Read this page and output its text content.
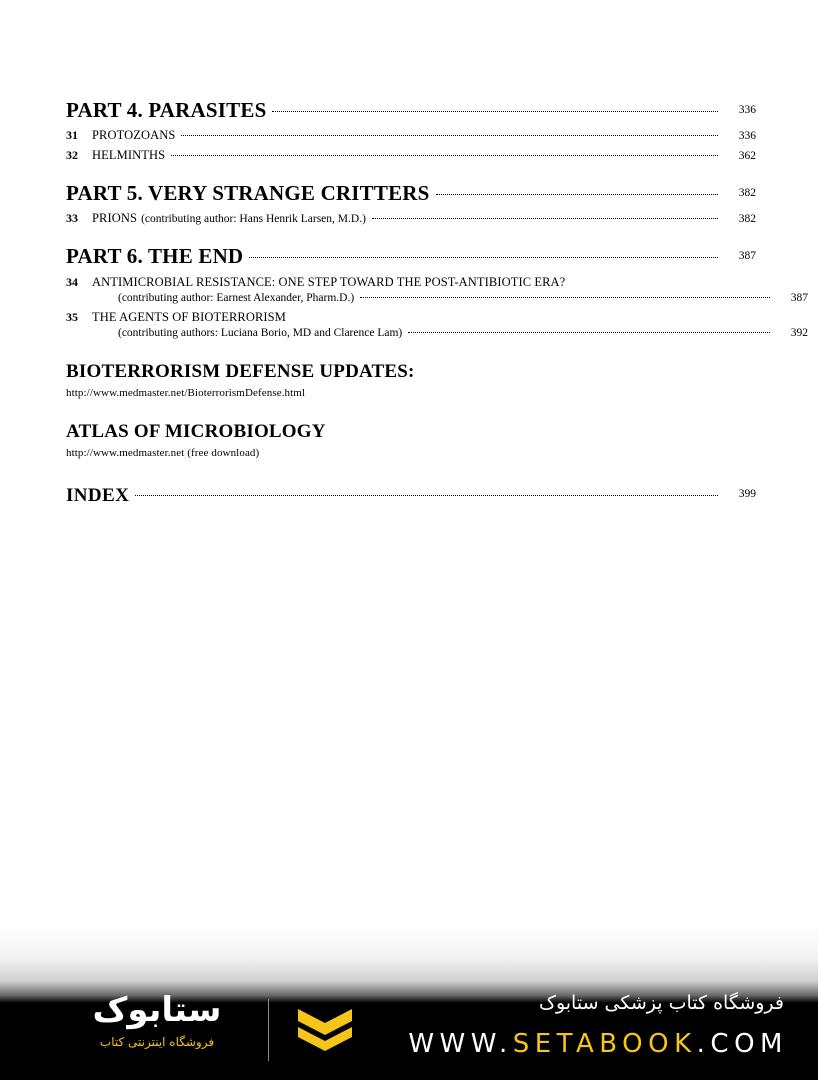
PART 4. PARASITES	336
31	PROTOZOANS	336
32	HELMINTHS	362
PART 5. VERY STRANGE CRITTERS	382
33	PRIONS (contributing author: Hans Henrik Larsen, M.D.)	382
PART 6. THE END	387
34	ANTIMICROBIAL RESISTANCE: ONE STEP TOWARD THE POST-ANTIBIOTIC ERA?
(contributing author: Earnest Alexander, Pharm.D.)	387
35	THE AGENTS OF BIOTERRORISM
(contributing authors: Luciana Borio, MD and Clarence Lam)	392
BIOTERRORISM DEFENSE UPDATES:
http://www.medmaster.net/BioterrorismDefense.html
ATLAS OF MICROBIOLOGY
http://www.medmaster.net (free download)
INDEX	399
ستابوک
فروشگاه اینترنتی کتاب
فروشگاه کتاب پزشکی ستابوک
WWW.SETABOOK.COM
